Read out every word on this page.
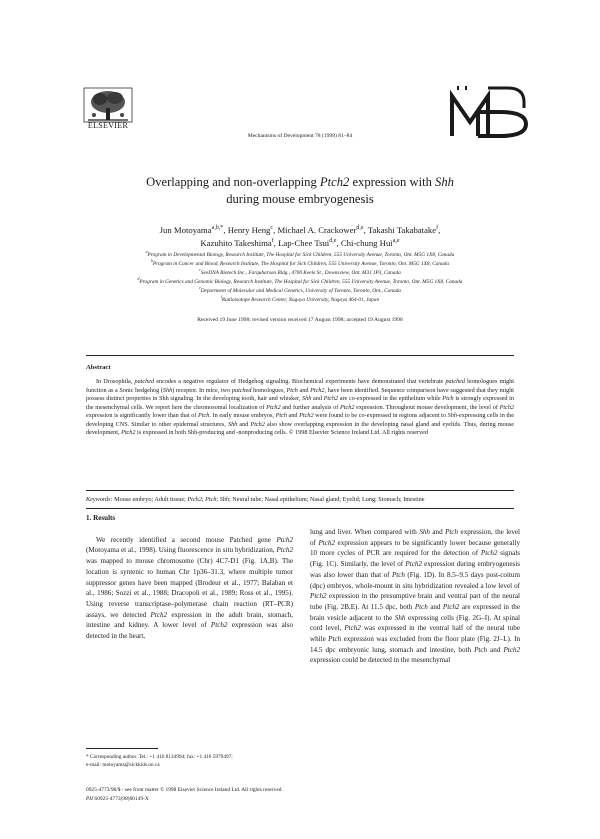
ELSEVIER
Mechanisms of Development 78 (1998) 81–84
Overlapping and non-overlapping Ptch2 expression with Shh
during mouse embryogenesis
Jun Motoyama$^{a,b,*}$, Henry Heng$^c$, Michael A. Crackower$^{d,e}$, Takashi Takabatake$^f$,
Kazuhito Takeshima$^f$, Lap-Chee Tsui$^{d,e}$, Chi-chung Hui$^{a,e}$
$^a$Program in Developmental Biology, Research Institute, The Hospital for Sick Children, 555 University Avenue, Toronto, Ont. M5G 1X8, Canada
$^b$Program in Cancer and Blood, Research Institute, The Hospital for Sick Children, 555 University Avenue, Toronto, Ont. M5G 1X8, Canada
$^c$SeeDNA Biotech Inc., Farquharson Bldg., 4700 Keele St., Downsview, Ont. M3J 1P3, Canada
$^d$Program in Genetics and Genomic Biology, Research Institute, The Hospital for Sick Children, 555 University Avenue, Toronto, Ont. M5G 1X8, Canada
$^e$Department of Molecular and Medical Genetics, University of Toronto, Toronto, Ont., Canada
$^f$Radioisotope Research Center, Nagoya University, Nagoya 464-01, Japan
Received 19 June 1998; revised version received 17 August 1998; accepted 19 August 1998
Abstract

In Drosophila, patched encodes a negative regulator of Hedgehog signaling. Biochemical experiments have demonstrated that vertebrate patched homologues might function as a Sonic hedgehog (Shh) receptor. In mice, two patched homologues, Ptch and Ptch2, have been identified. Sequence comparison have suggested that they might possess distinct properties in Shh signaling. In the developing tooth, hair and whisker, Shh and Ptch2 are co-expressed in the epithelium while Ptch is strongly expressed in the mesenchymal cells. We report here the chromosomal localization of Ptch2 and further analysis of Ptch2 expression. Throughout mouse development, the level of Ptch2 expression is significantly lower than that of Ptch. In early mouse embryos, Ptch and Ptch2 were found to be co-expressed in regions adjacent to Shh-expressing cells in the developing CNS. Similar to other epidermal structures, Shh and Ptch2 also show overlapping expression in the developing nasal gland and eyelids. Thus, during mouse development, Ptch2 is expressed in both Shh-producing and -nonproducing cells. © 1998 Elsevier Science Ireland Ltd. All rights reserved

Keywords: Mouse embryo; Adult tissue; Ptch2; Ptch; Shh; Neural tube; Nasal epithelium; Nasal gland; Eyelid; Lung; Stomach; Intestine
1. Results

We recently identified a second mouse Patched gene Ptch2 (Motoyama et al., 1998). Using fluorescence in situ hybridization, Ptch2 was mapped to mouse chromosome (Chr) 4C7-D1 (Fig. 1A,B). The location is syntenic to human Chr 1p36–31.3, where multiple tumor suppressor genes have been mapped (Brodeur et al., 1977; Balaban et al., 1986; Sozzi et al., 1988; Dracopoli et al., 1989; Ross et al., 1995). Using reverse transcriptase–polymerase chain reaction (RT–PCR) assays, we detected Ptch2 expression in the adult brain, stomach, intestine and kidney. A lower level of Ptch2 expression was also detected in the heart,

lung and liver. When compared with Shh and Ptch expression, the level of Ptch2 expression appears to be significantly lower because generally 10 more cycles of PCR are required for the detection of Ptch2 signals (Fig. 1C). Similarly, the level of Ptch2 expression during embryogenesis was also lower than that of Ptch (Fig. 1D). In 8.5–9.5 days post-coitum (dpc) embryos, whole-mount in situ hybridization revealed a low level of Ptch2 expression in the presumptive brain and ventral part of the neural tube (Fig. 2B,E). At 11.5 dpc, both Ptch and Ptch2 are expressed in the brain vesicle adjacent to the Shh expressing cells (Fig. 2G–I). At spinal cord level, Ptch2 was expressed in the ventral half of the neural tube while Ptch expression was excluded from the floor plate (Fig. 2J–L). In 14.5 dpc embryonic lung, stomach and intestine, both Ptch and Ptch2 expression could be detected in the mesenchymal

* Corresponding author. Tel.: +1 416 8134994; fax: +1 416 5979497;
e-mail: motoyama@sickkids.on.ca
0925-4773/98/$ - see front matter © 1998 Elsevier Science Ireland Ltd. All rights reserved
PII S0925-4773(98)00149-X
